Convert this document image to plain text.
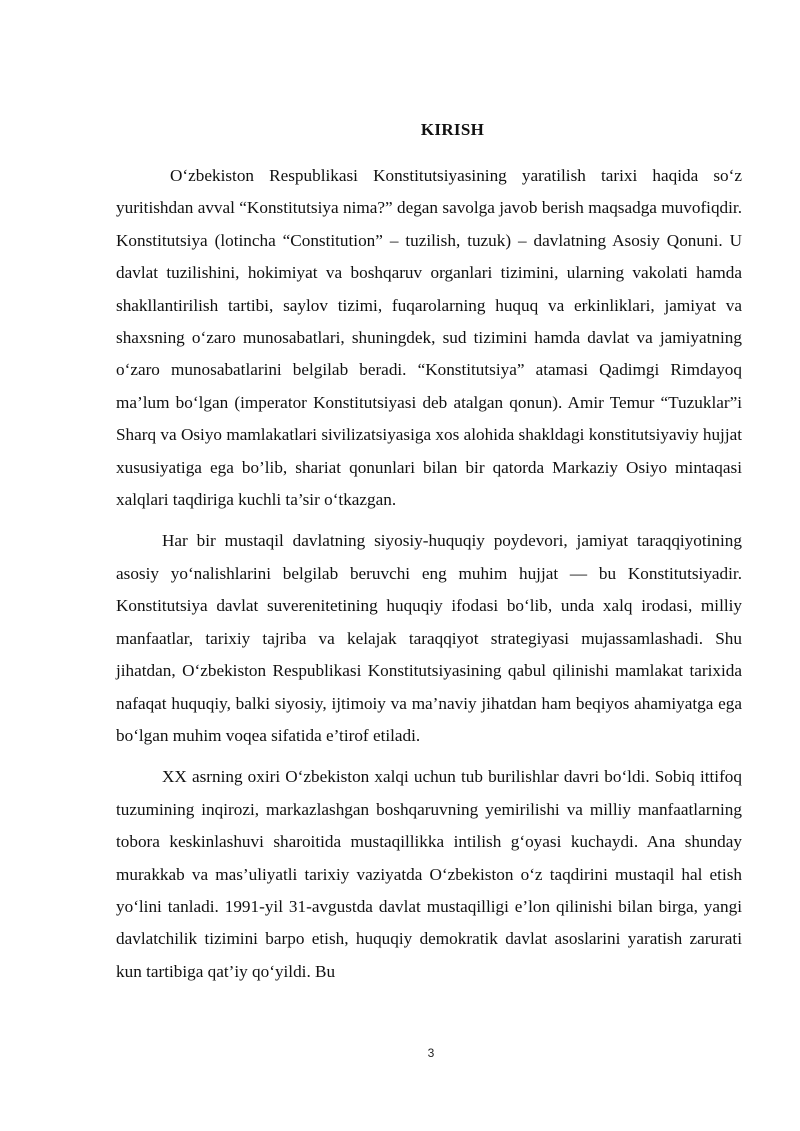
KIRISH

O‘zbekiston Respublikasi Konstitutsiyasining yaratilish tarixi haqida so‘z yuritishdan avval “Konstitutsiya nima?” degan savolga javob berish maqsadga muvofiqdir. Konstitutsiya (lotincha “Constitution” – tuzilish, tuzuk) – davlatning Asosiy Qonuni. U davlat tuzilishini, hokimiyat va boshqaruv organlari tizimini, ularning vakolati hamda shakllantirilish tartibi, saylov tizimi, fuqarolarning huquq va erkinliklari, jamiyat va shaxsning o‘zaro munosabatlari, shuningdek, sud tizimini hamda davlat va jamiyatning o‘zaro munosabatlarini belgilab beradi. “Konstitutsiya” atamasi Qadimgi Rimdayoq ma’lum bo‘lgan (imperator Konstitutsiyasi deb atalgan qonun). Amir Temur “Tuzuklar”i Sharq va Osiyo mamlakatlari sivilizatsiyasiga xos alohida shakldagi konstitutsiyaviy hujjat xususiyatiga ega bo’lib, shariat qonunlari bilan bir qatorda Markaziy Osiyo mintaqasi xalqlari taqdiriga kuchli ta’sir o‘tkazgan.

Har bir mustaqil davlatning siyosiy-huquqiy poydevori, jamiyat taraqqiyotining asosiy yo‘nalishlarini belgilab beruvchi eng muhim hujjat — bu Konstitutsiyadir. Konstitutsiya davlat suverenitetining huquqiy ifodasi bo‘lib, unda xalq irodasi, milliy manfaatlar, tarixiy tajriba va kelajak taraqqiyot strategiyasi mujassamlashadi. Shu jihatdan, O‘zbekiston Respublikasi Konstitutsiyasining qabul qilinishi mamlakat tarixida nafaqat huquqiy, balki siyosiy, ijtimoiy va ma’naviy jihatdan ham beqiyos ahamiyatga ega bo‘lgan muhim voqea sifatida e’tirof etiladi.

XX asrning oxiri O‘zbekiston xalqi uchun tub burilishlar davri bo‘ldi. Sobiq ittifoq tuzumining inqirozi, markazlashgan boshqaruvning yemirilishi va milliy manfaatlarning tobora keskinlashuvi sharoitida mustaqillikka intilish g‘oyasi kuchaydi. Ana shunday murakkab va mas’uliyatli tarixiy vaziyatda O‘zbekiston o‘z taqdirini mustaqil hal etish yo‘lini tanladi. 1991-yil 31-avgustda davlat mustaqilligi e’lon qilinishi bilan birga, yangi davlatchilik tizimini barpo etish, huquqiy demokratik davlat asoslarini yaratish zarurati kun tartibiga qat’iy qo‘yildi. Bu

3
